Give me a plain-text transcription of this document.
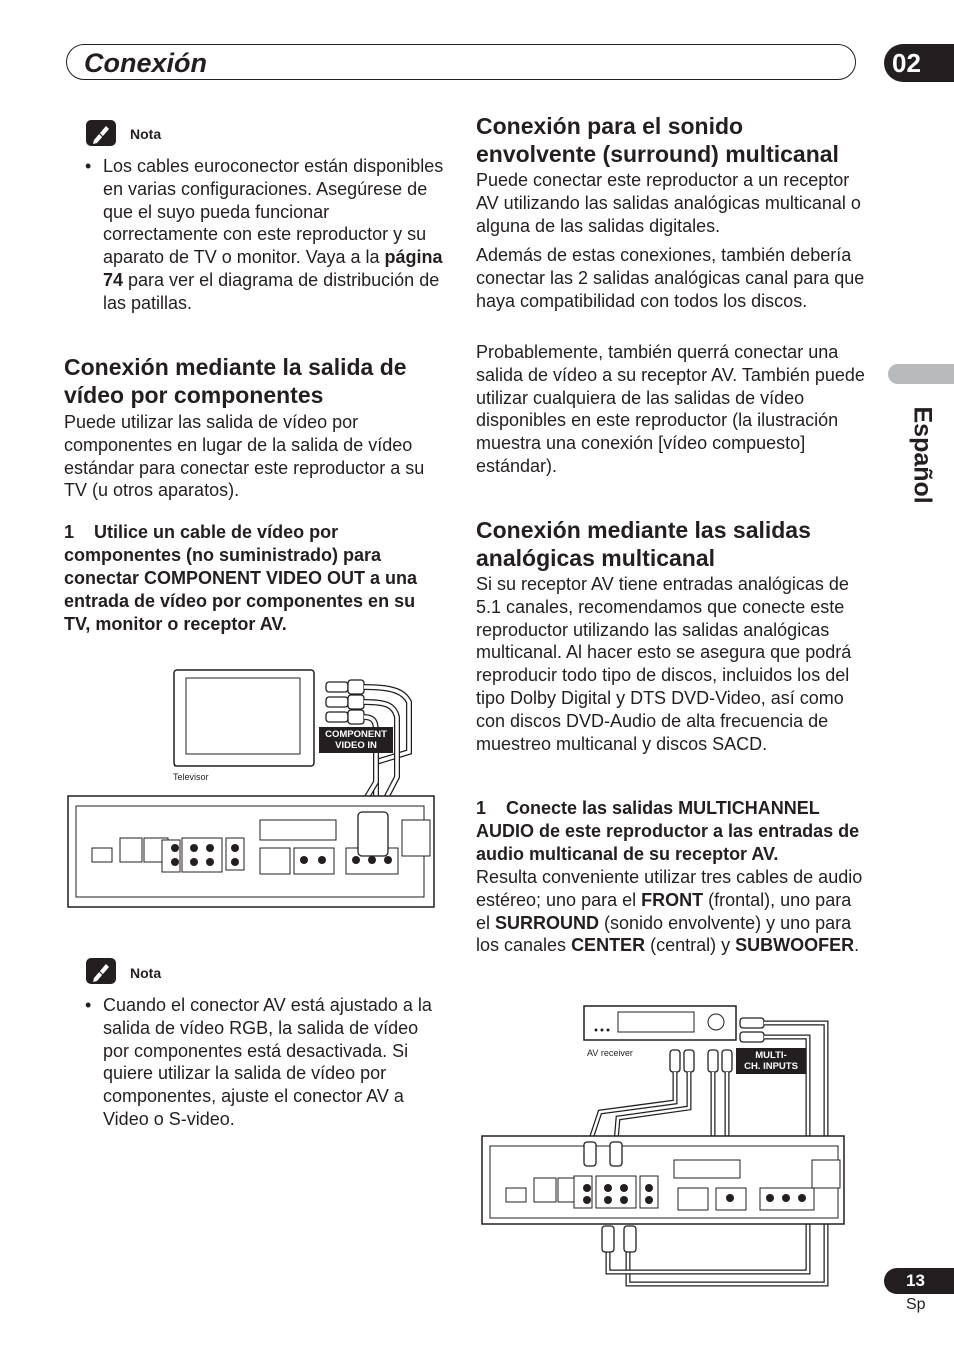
Conexión	02
Español
Nota
• Los cables euroconector están disponibles en varias configuraciones. Asegúrese de que el suyo pueda funcionar correctamente con este reproductor y su aparato de TV o monitor. Vaya a la página 74 para ver el diagrama de distribución de las patillas.
Conexión mediante la salida de vídeo por componentes
Puede utilizar las salida de vídeo por componentes en lugar de la salida de vídeo estándar para conectar este reproductor a su TV (u otros aparatos).
1    Utilice un cable de vídeo por componentes (no suministrado) para conectar COMPONENT VIDEO OUT a una entrada de vídeo por componentes en su TV, monitor o receptor AV.
COMPONENT
VIDEO IN
Televisor
Nota
• Cuando el conector AV está ajustado a la salida de vídeo RGB, la salida de vídeo por componentes está desactivada. Si quiere utilizar la salida de vídeo por componentes, ajuste el conector AV a Video o S-video.
Conexión para el sonido envolvente (surround) multicanal
Puede conectar este reproductor a un receptor AV utilizando las salidas analógicas multicanal o alguna de las salidas digitales.
Además de estas conexiones, también debería conectar las 2 salidas analógicas canal para que haya compatibilidad con todos los discos.
Probablemente, también querrá conectar una salida de vídeo a su receptor AV. También puede utilizar cualquiera de las salidas de vídeo disponibles en este reproductor (la ilustración muestra una conexión [vídeo compuesto] estándar).
Conexión mediante las salidas analógicas multicanal
Si su receptor AV tiene entradas analógicas de 5.1 canales, recomendamos que conecte este reproductor utilizando las salidas analógicas multicanal. Al hacer esto se asegura que podrá reproducir todo tipo de discos, incluidos los del tipo Dolby Digital y DTS DVD-Video, así como con discos DVD-Audio de alta frecuencia de muestreo multicanal y discos SACD.
1    Conecte las salidas MULTICHANNEL AUDIO de este reproductor a las entradas de audio multicanal de su receptor AV.
Resulta conveniente utilizar tres cables de audio estéreo; uno para el FRONT (frontal), uno para el SURROUND (sonido envolvente) y uno para los canales CENTER (central) y SUBWOOFER.
AV receiver	MULTI-
CH. INPUTS
13
Sp
